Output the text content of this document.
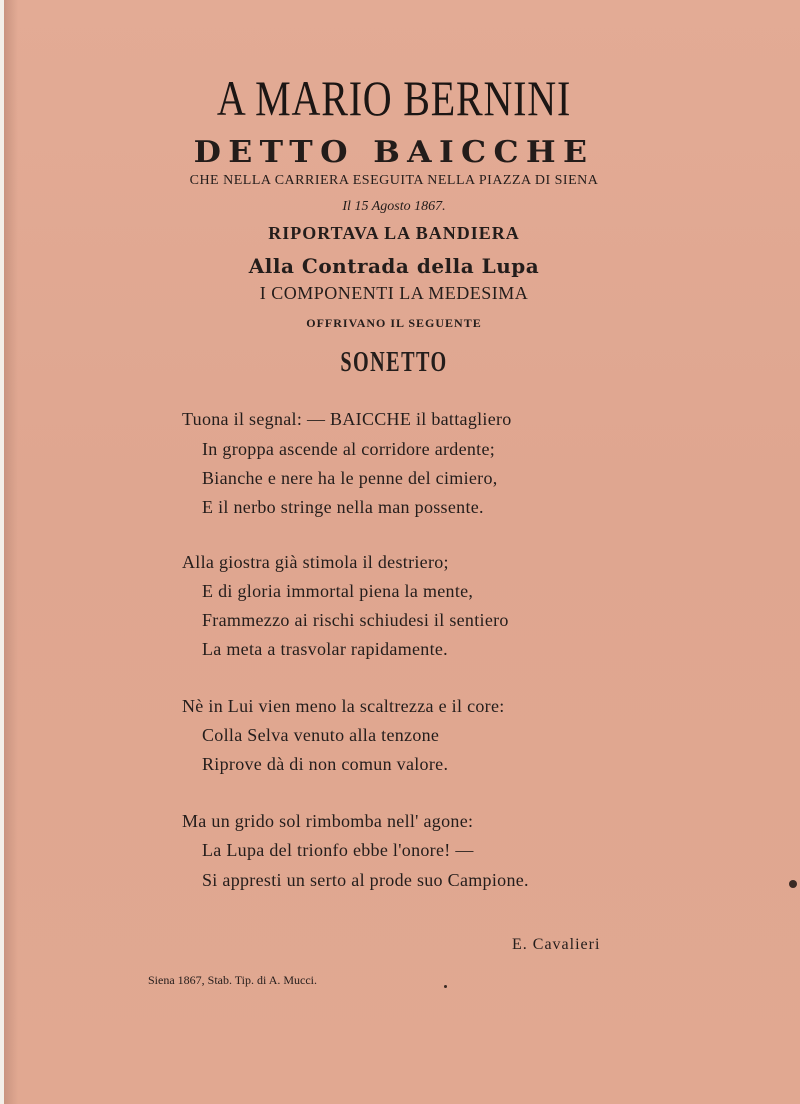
A MARIO BERNINI
DETTO BAICCHE
CHE NELLA CARRIERA ESEGUITA NELLA PIAZZA DI SIENA
Il 15 Agosto 1867.
RIPORTAVA LA BANDIERA
Alla Contrada della Lupa
I COMPONENTI LA MEDESIMA
OFFRIVANO IL SEGUENTE
SONETTO
Tuona il segnal: — BAICCHE il battagliero
In groppa ascende al corridore ardente;
Bianche e nere ha le penne del cimiero,
E il nerbo stringe nella man possente.
Alla giostra già stimola il destriero;
E di gloria immortal piena la mente,
Frammezzo ai rischi schiudesi il sentiero
La meta a trasvolar rapidamente.
Nè in Lui vien meno la scaltrezza e il core:
Colla Selva venuto alla tenzone
Riprove dà di non comun valore.
Ma un grido sol rimbomba nell' agone:
La Lupa del trionfo ebbe l'onore! —
Si appresti un serto al prode suo Campione.
E. Cavalieri
Siena 1867, Stab. Tip. di A. Mucci.
